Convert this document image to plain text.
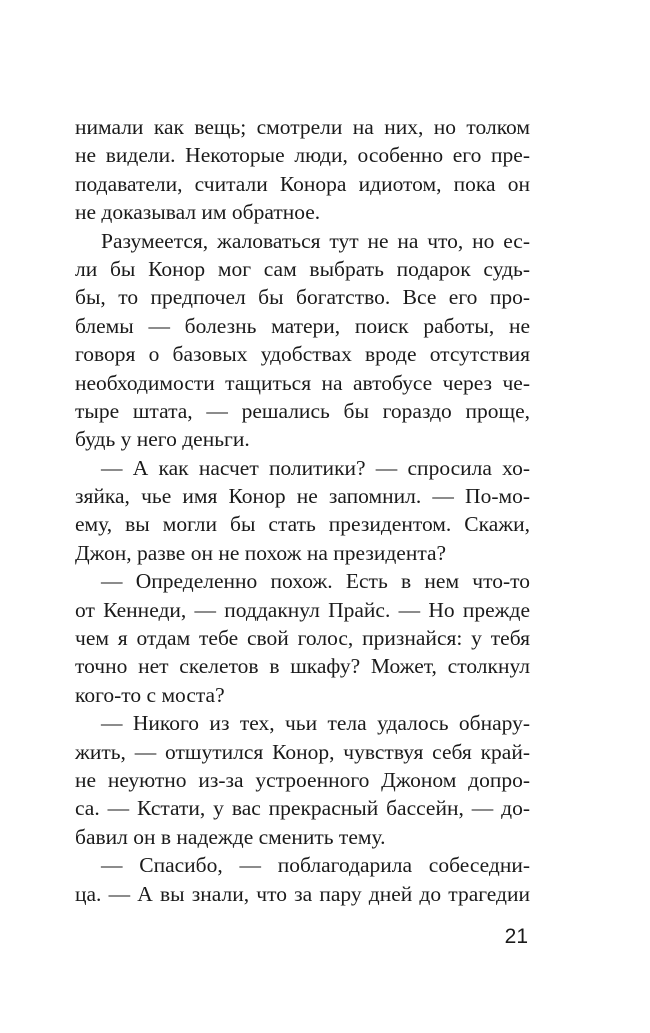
нимали как вещь; смотрели на них, но толком
не видели. Некоторые люди, особенно его пре-
подаватели, считали Конора идиотом, пока он
не доказывал им обратное.
Разумеется, жаловаться тут не на что, но ес-
ли бы Конор мог сам выбрать подарок судь-
бы, то предпочел бы богатство. Все его про-
блемы — болезнь матери, поиск работы, не
говоря о базовых удобствах вроде отсутствия
необходимости тащиться на автобусе через че-
тыре штата, — решались бы гораздо проще,
будь у него деньги.
— А как насчет политики? — спросила хо-
зяйка, чье имя Конор не запомнил. — По-мо-
ему, вы могли бы стать президентом. Скажи,
Джон, разве он не похож на президента?
— Определенно похож. Есть в нем что-то
от Кеннеди, — поддакнул Прайс. — Но прежде
чем я отдам тебе свой голос, признайся: у тебя
точно нет скелетов в шкафу? Может, столкнул
кого-то с моста?
— Никого из тех, чьи тела удалось обнару-
жить, — отшутился Конор, чувствуя себя край-
не неуютно из-за устроенного Джоном допро-
са. — Кстати, у вас прекрасный бассейн, — до-
бавил он в надежде сменить тему.
— Спасибо, — поблагодарила собеседни-
ца. — А вы знали, что за пару дней до трагедии
21
